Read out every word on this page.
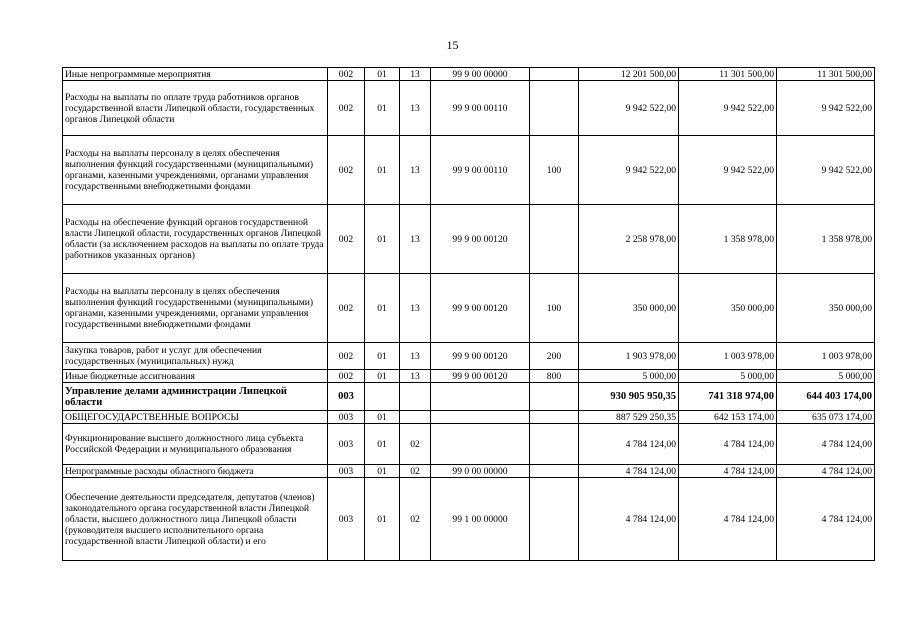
15
Иные непрограммные мероприятия	002	01	13	99 9 00 00000		12 201 500,00	11 301 500,00	11 301 500,00
Расходы на выплаты по оплате труда работников органов государственной власти Липецкой области, государственных органов Липецкой области	002	01	13	99 9 00 00110		9 942 522,00	9 942 522,00	9 942 522,00
Расходы на выплаты персоналу в целях обеспечения выполнения функций государственными (муниципальными) органами, казенными учреждениями, органами управления государственными внебюджетными фондами	002	01	13	99 9 00 00110	100	9 942 522,00	9 942 522,00	9 942 522,00
Расходы на обеспечение функций органов государственной власти Липецкой области, государственных органов Липецкой области (за исключением расходов на выплаты по оплате труда работников указанных органов)	002	01	13	99 9 00 00120		2 258 978,00	1 358 978,00	1 358 978,00
Расходы на выплаты персоналу в целях обеспечения выполнения функций государственными (муниципальными) органами, казенными учреждениями, органами управления государственными внебюджетными фондами	002	01	13	99 9 00 00120	100	350 000,00	350 000,00	350 000,00
Закупка товаров, работ и услуг для обеспечения государственных (муниципальных) нужд	002	01	13	99 9 00 00120	200	1 903 978,00	1 003 978,00	1 003 978,00
Иные бюджетные ассигнования	002	01	13	99 9 00 00120	800	5 000,00	5 000,00	5 000,00
Управление делами администрации Липецкой области	003					930 905 950,35	741 318 974,00	644 403 174,00
ОБЩЕГОСУДАРСТВЕННЫЕ ВОПРОСЫ	003	01				887 529 250,35	642 153 174,00	635 073 174,00
Функционирование высшего должностного лица субъекта Российской Федерации и муниципального образования	003	01	02			4 784 124,00	4 784 124,00	4 784 124,00
Непрограммные расходы областного бюджета	003	01	02	99 0 00 00000		4 784 124,00	4 784 124,00	4 784 124,00
Обеспечение деятельности председателя, депутатов (членов) законодательного органа государственной власти Липецкой области, высшего должностного лица Липецкой области (руководителя высшего исполнительного органа государственной власти Липецкой области) и его	003	01	02	99 1 00 00000		4 784 124,00	4 784 124,00	4 784 124,00
